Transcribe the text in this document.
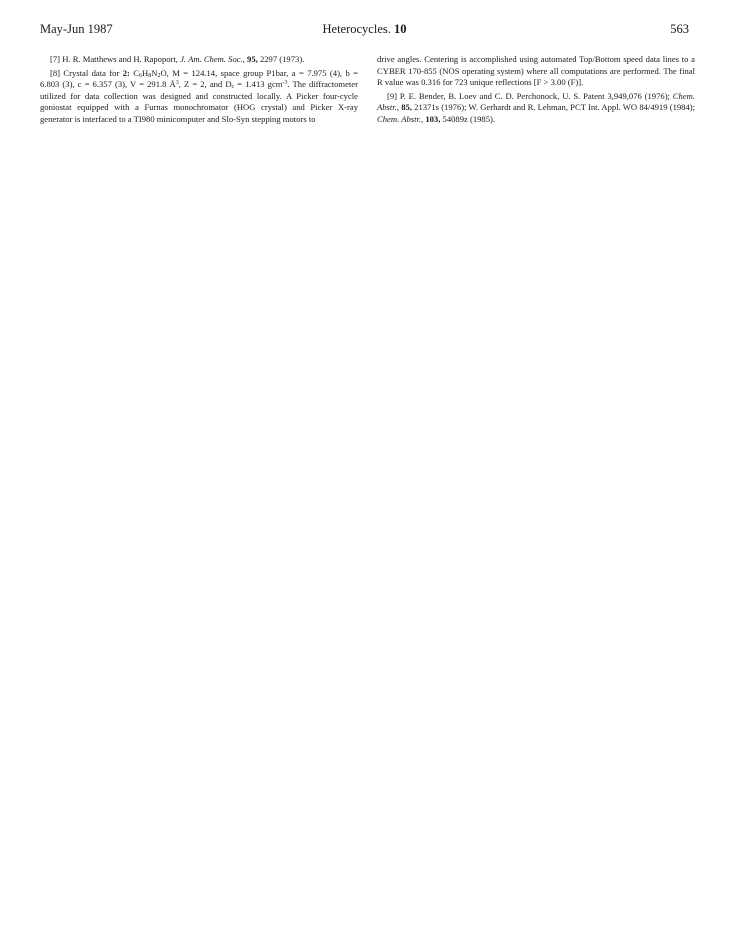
May-Jun 1987	Heterocycles. 10	563

[7] H. R. Matthews and H. Rapoport, J. Am. Chem. Soc., 95, 2297 (1973).

[8] Crystal data for 2: $C_6H_8N_2O$, M = 124.14, space group P1bar, a = 7.975 (4), b = 6.803 (3), c = 6.357 (3), V = 291.8 $Å^3$, Z = 2, and $D_c = 1.413$ gcm$^{-3}$. The diffractometer utilized for data collection was designed and constructed locally. A Picker four-cycle goniostat equipped with a Furnas monochromator (HOG crystal) and Picker X-ray generator is interfaced to a TI980 minicomputer and Slo-Syn stepping motors to

drive angles. Centering is accomplished using automated Top/Bottom speed data lines to a CYBER 170-855 (NOS operating system) where all computations are performed. The final R value was 0.316 for 723 unique reflections [F > 3.00 (F)].

[9] P. E. Bender, B. Loev and C. D. Perchonock, U. S. Patent 3,949,076 (1976); Chem. Abstr., 85, 21371s (1976); W. Gerhardt and R. Lehman, PCT Int. Appl. WO 84/4919 (1984); Chem. Abstr., 103, 54089z (1985).
